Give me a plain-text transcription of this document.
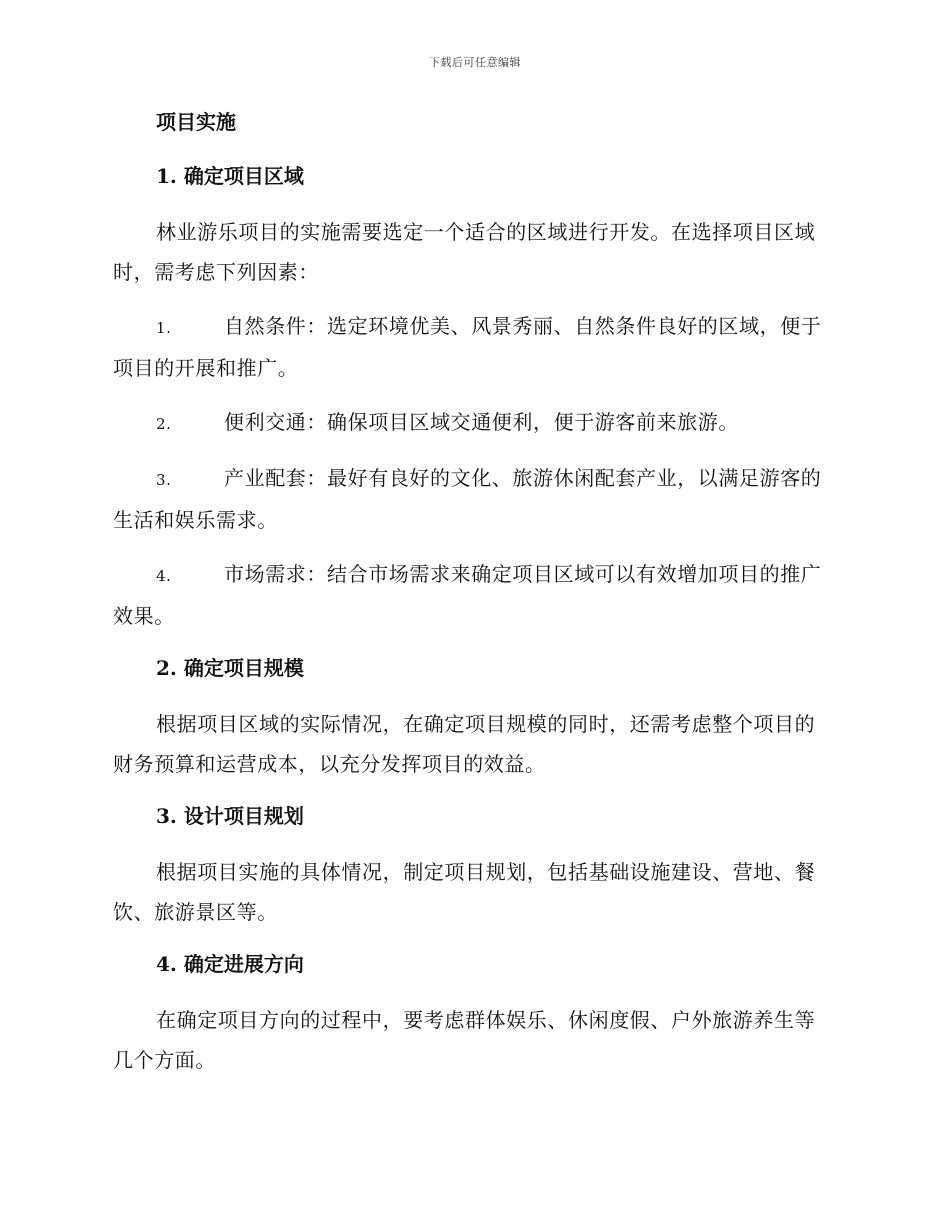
下载后可任意编辑
项目实施
1. 确定项目区域

林业游乐项目的实施需要选定一个适合的区域进行开发。在选择项目区域时，需考虑下列因素：

1.	自然条件：选定环境优美、风景秀丽、自然条件良好的区域，便于项目的开展和推广。

2.	便利交通：确保项目区域交通便利，便于游客前来旅游。

3.	产业配套：最好有良好的文化、旅游休闲配套产业，以满足游客的生活和娱乐需求。

4.	市场需求：结合市场需求来确定项目区域可以有效增加项目的推广效果。

2. 确定项目规模

根据项目区域的实际情况，在确定项目规模的同时，还需考虑整个项目的财务预算和运营成本，以充分发挥项目的效益。

3. 设计项目规划

根据项目实施的具体情况，制定项目规划，包括基础设施建设、营地、餐饮、旅游景区等。

4. 确定进展方向

在确定项目方向的过程中，要考虑群体娱乐、休闲度假、户外旅游养生等几个方面。
